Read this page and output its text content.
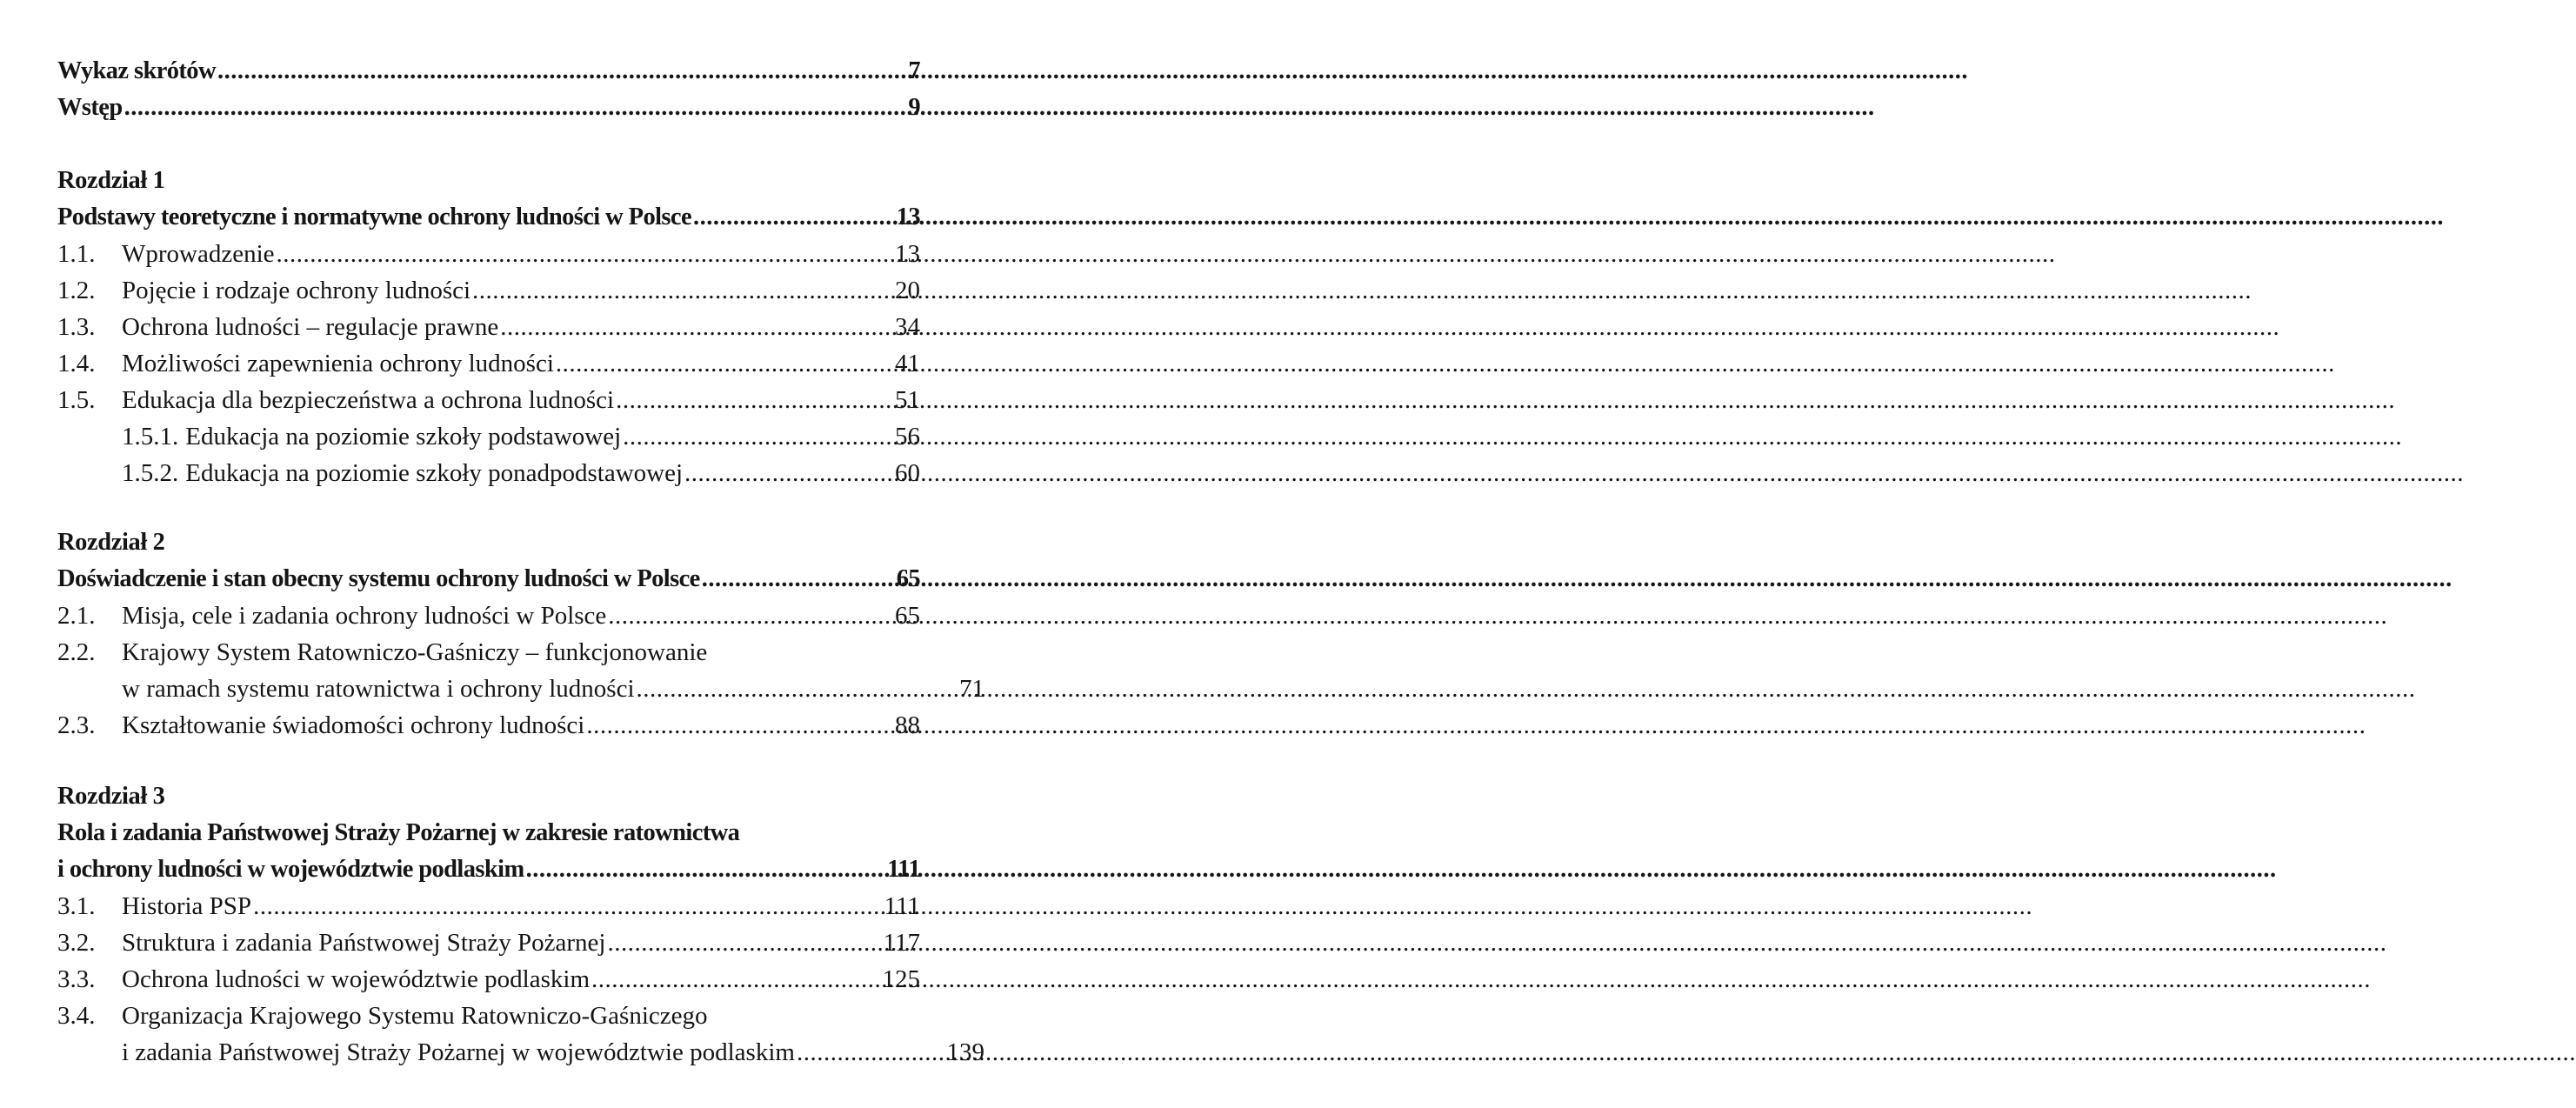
Wykaz skrótów .....	7
Wstęp .....	9
Rozdział 1
Podstawy teoretyczne i normatywne ochrony ludności w Polsce .....	13
1.1.	Wprowadzenie .....	13
1.2.	Pojęcie i rodzaje ochrony ludności .....	20
1.3.	Ochrona ludności – regulacje prawne .....	34
1.4.	Możliwości zapewnienia ochrony ludności .....	41
1.5.	Edukacja dla bezpieczeństwa a ochrona ludności .....	51
1.5.1. Edukacja na poziomie szkoły podstawowej .....	56
1.5.2. Edukacja na poziomie szkoły ponadpodstawowej .....	60
Rozdział 2
Doświadczenie i stan obecny systemu ochrony ludności w Polsce .....	65
2.1.	Misja, cele i zadania ochrony ludności w Polsce .....	65
2.2.	Krajowy System Ratowniczo-Gaśniczy – funkcjonowanie
w ramach systemu ratownictwa i ochrony ludności .....	71
2.3.	Kształtowanie świadomości ochrony ludności .....	88
Rozdział 3
Rola i zadania Państwowej Straży Pożarnej w zakresie ratownictwa
i ochrony ludności w województwie podlaskim .....	111
3.1.	Historia PSP .....	111
3.2.	Struktura i zadania Państwowej Straży Pożarnej .....	117
3.3.	Ochrona ludności w województwie podlaskim .....	125
3.4.	Organizacja Krajowego Systemu Ratowniczo-Gaśniczego
i zadania Państwowej Straży Pożarnej w województwie podlaskim .....	139
